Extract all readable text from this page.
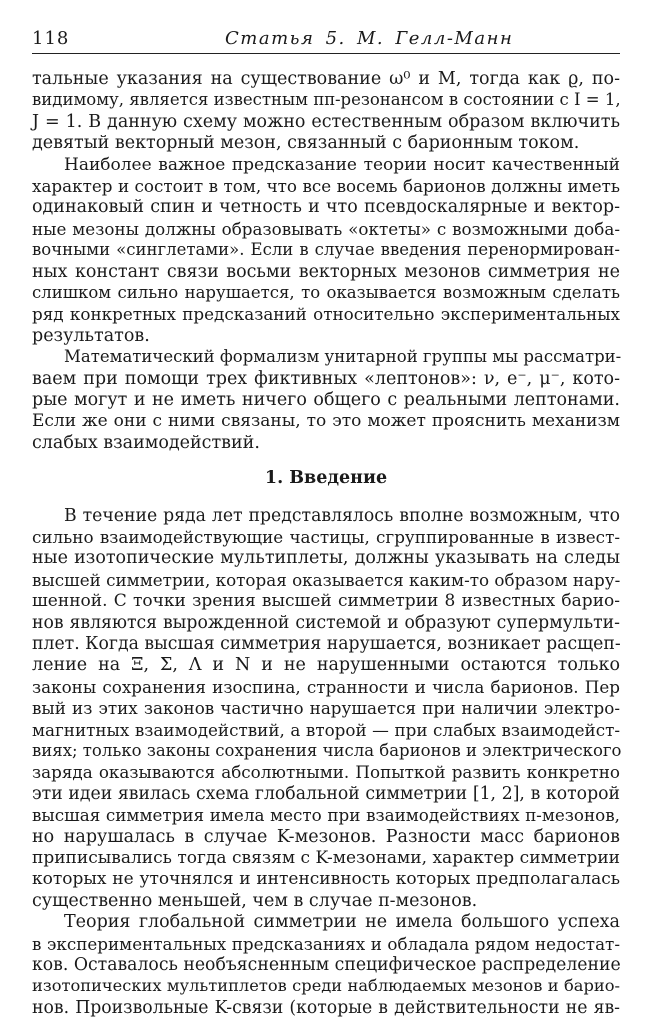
118	Статья 5. М. Гелл-Манн
тальные указания на существование ω⁰ и M, тогда как ϱ, по-
видимому, является известным ππ-резонансом в состоянии с I = 1,
J = 1. В данную схему можно естественным образом включить
девятый векторный мезон, связанный с барионным током.
Наиболее важное предсказание теории носит качественный
характер и состоит в том, что все восемь барионов должны иметь
одинаковый спин и четность и что псевдоскалярные и вектор-
ные мезоны должны образовывать «октеты» с возможными доба-
вочными «синглетами». Если в случае введения перенормирован-
ных констант связи восьми векторных мезонов симметрия не
слишком сильно нарушается, то оказывается возможным сделать
ряд конкретных предсказаний относительно экспериментальных
результатов.
Математический формализм унитарной группы мы рассматри-
ваем при помощи трех фиктивных «лептонов»: ν, e⁻, μ⁻, кото-
рые могут и не иметь ничего общего с реальными лептонами.
Если же они с ними связаны, то это может прояснить механизм
слабых взаимодействий.
1. Введение
В течение ряда лет представлялось вполне возможным, что
сильно взаимодействующие частицы, сгруппированные в извест-
ные изотопические мультиплеты, должны указывать на следы
высшей симметрии, которая оказывается каким-то образом нару-
шенной. С точки зрения высшей симметрии 8 известных барио-
нов являются вырожденной системой и образуют супермульти-
плет. Когда высшая симметрия нарушается, возникает расщеп-
ление на Ξ, Σ, Λ и N и не нарушенными остаются только
законы сохранения изоспина, странности и числа барионов. Пер
вый из этих законов частично нарушается при наличии электро-
магнитных взаимодействий, а второй — при слабых взаимодейст-
виях; только законы сохранения числа барионов и электрического
заряда оказываются абсолютными. Попыткой развить конкретно
эти идеи явилась схема глобальной симметрии [1, 2], в которой
высшая симметрия имела место при взаимодействиях π-мезонов,
но нарушалась в случае K-мезонов. Разности масс барионов
приписывались тогда связям с K-мезонами, характер симметрии
которых не уточнялся и интенсивность которых предполагалась
существенно меньшей, чем в случае π-мезонов.
Теория глобальной симметрии не имела большого успеха
в экспериментальных предсказаниях и обладала рядом недостат-
ков. Оставалось необъясненным специфическое распределение
изотопических мультиплетов среди наблюдаемых мезонов и барио-
нов. Произвольные K-связи (которые в действительности не яв-
